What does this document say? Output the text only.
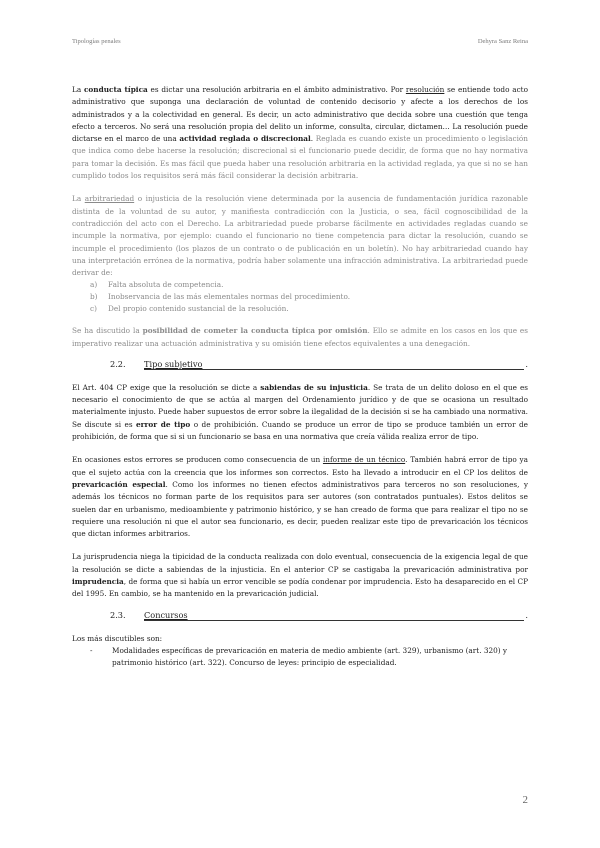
Tipologías penales	Dehyra Sanz Reina

La conducta típica es dictar una resolución arbitraria en el ámbito administrativo. Por resolución se entiende todo acto administrativo que suponga una declaración de voluntad de contenido decisorio y afecte a los derechos de los administrados y a la colectividad en general. Es decir, un acto administrativo que decida sobre una cuestión que tenga efecto a terceros. No será una resolución propia del delito un informe, consulta, circular, dictamen… La resolución puede dictarse en el marco de una actividad reglada o discrecional. Reglada es cuando existe un procedimiento o legislación que indica como debe hacerse la resolución; discrecional si el funcionario puede decidir, de forma que no hay normativa para tomar la decisión. Es mas fácil que pueda haber una resolución arbitraria en la actividad reglada, ya que si no se han cumplido todos los requisitos será más fácil considerar la decisión arbitraria.

La arbitrariedad o injusticia de la resolución viene determinada por la ausencia de fundamentación jurídica razonable distinta de la voluntad de su autor, y manifiesta contradicción con la Justicia, o sea, fácil cognoscibilidad de la contradicción del acto con el Derecho. La arbitrariedad puede probarse fácilmente en actividades regladas cuando se incumple la normativa, por ejemplo: cuando el funcionario no tiene competencia para dictar la resolución, cuando se incumple el procedimiento (los plazos de un contrato o de publicación en un boletín). No hay arbitrariedad cuando hay una interpretación errónea de la normativa, podría haber solamente una infracción administrativa. La arbitrariedad puede derivar de:

a) Falta absoluta de competencia.
b) Inobservancia de las más elementales normas del procedimiento.
c) Del propio contenido sustancial de la resolución.

Se ha discutido la posibilidad de cometer la conducta típica por omisión. Ello se admite en los casos en los que es imperativo realizar una actuación administrativa y su omisión tiene efectos equivalentes a una denegación.

2.2. Tipo subjetivo	.

El Art. 404 CP exige que la resolución se dicte a sabiendas de su injusticia. Se trata de un delito doloso en el que es necesario el conocimiento de que se actúa al margen del Ordenamiento jurídico y de que se ocasiona un resultado materialmente injusto. Puede haber supuestos de error sobre la ilegalidad de la decisión si se ha cambiado una normativa. Se discute si es error de tipo o de prohibición. Cuando se produce un error de tipo se produce también un error de prohibición, de forma que si si un funcionario se basa en una normativa que creía válida realiza error de tipo.

En ocasiones estos errores se producen como consecuencia de un informe de un técnico. También habrá error de tipo ya que el sujeto actúa con la creencia que los informes son correctos. Esto ha llevado a introducir en el CP los delitos de prevaricación especial. Como los informes no tienen efectos administrativos para terceros no son resoluciones, y además los técnicos no forman parte de los requisitos para ser autores (son contratados puntuales). Estos delitos se suelen dar en urbanismo, medioambiente y patrimonio histórico, y se han creado de forma que para realizar el tipo no se requiere una resolución ni que el autor sea funcionario, es decir, pueden realizar este tipo de prevaricación los técnicos que dictan informes arbitrarios.

La jurisprudencia niega la tipicidad de la conducta realizada con dolo eventual, consecuencia de la exigencia legal de que la resolución se dicte a sabiendas de la injusticia. En el anterior CP se castigaba la prevaricación administrativa por imprudencia, de forma que si había un error vencible se podía condenar por imprudencia. Esto ha desaparecido en el CP del 1995. En cambio, se ha mantenido en la prevaricación judicial.

2.3. Concursos	.

Los más discutibles son:

-	Modalidades específicas de prevaricación en materia de medio ambiente (art. 329), urbanismo (art. 320) y patrimonio histórico (art. 322). Concurso de leyes: principio de especialidad.
2
